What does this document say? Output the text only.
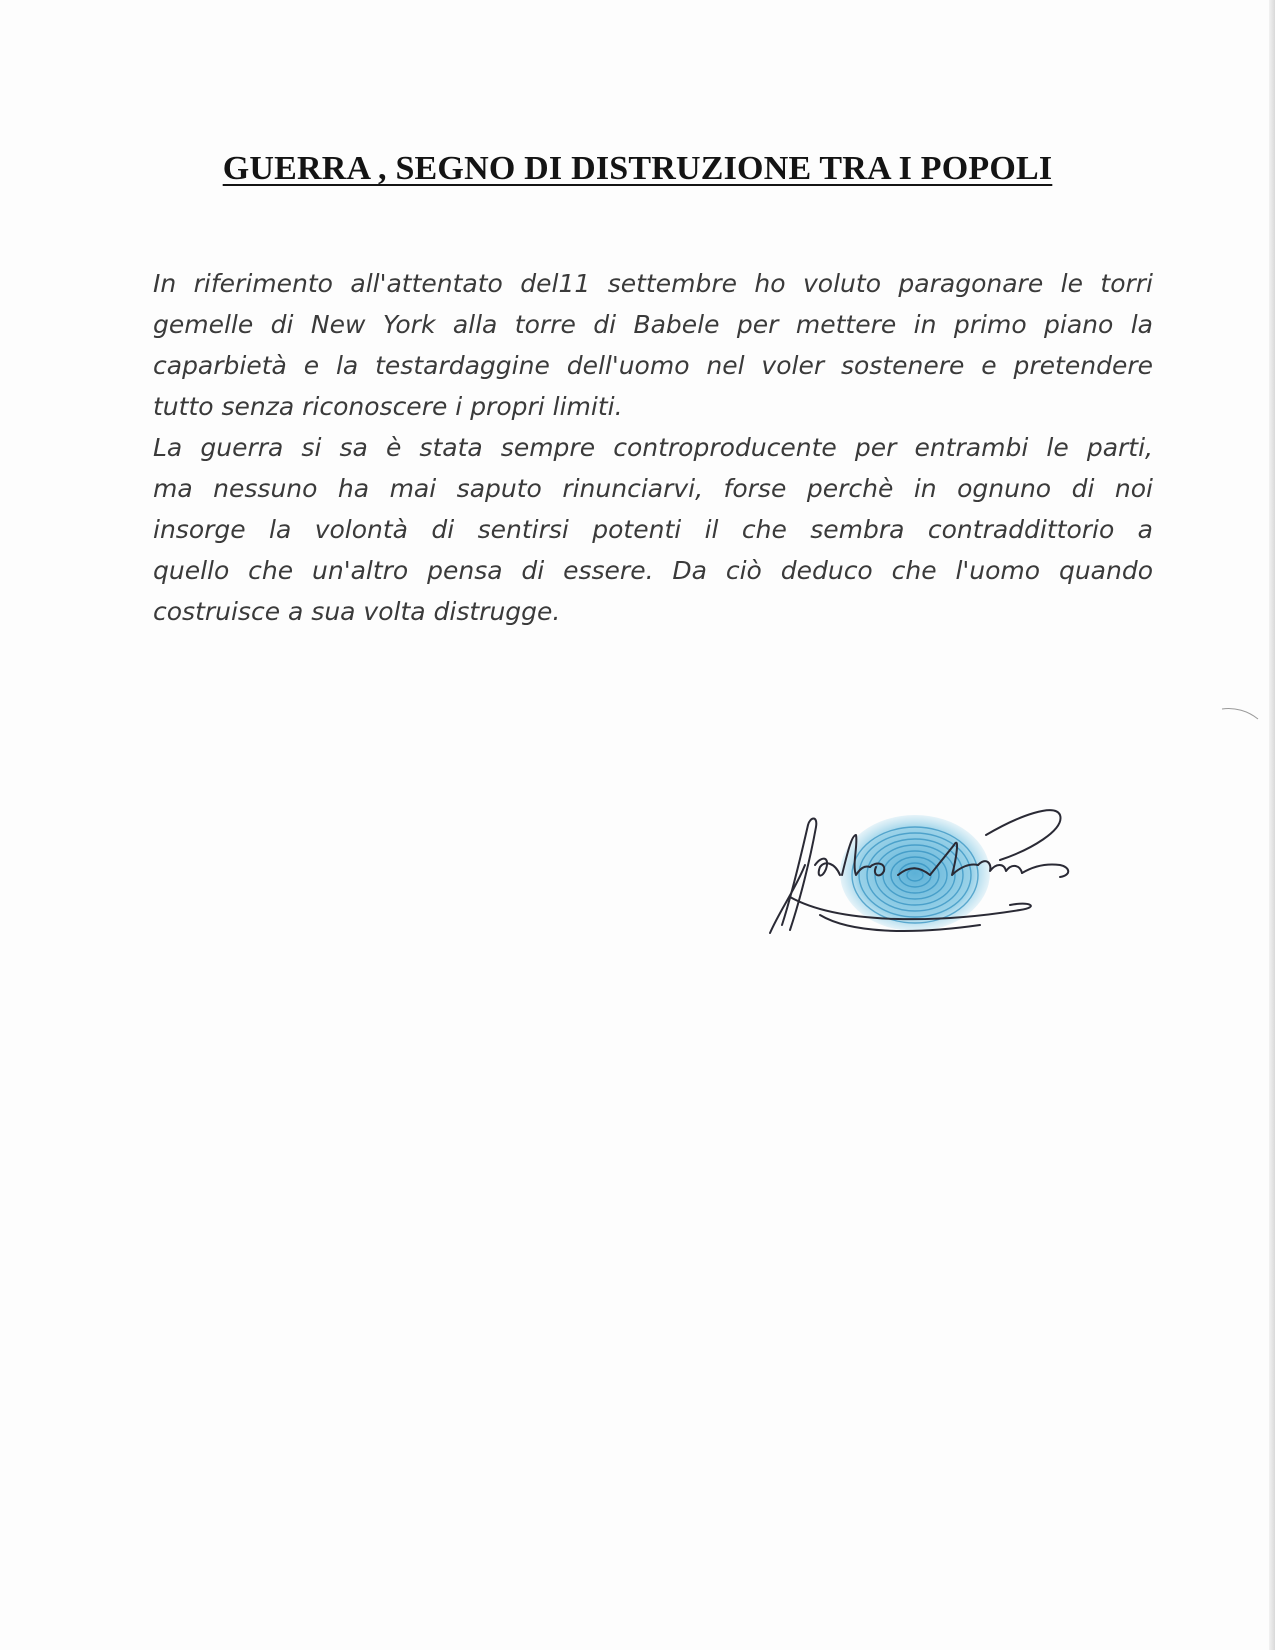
GUERRA , SEGNO DI DISTRUZIONE TRA I POPOLI
In riferimento all'attentato del11 settembre ho voluto paragonare le torri
gemelle di New York alla torre di Babele per mettere in primo piano la
caparbietà e la testardaggine dell'uomo nel voler sostenere e pretendere
tutto senza riconoscere i propri limiti.
La guerra si sa è stata sempre controproducente per entrambi le parti,
ma nessuno ha mai saputo rinunciarvi, forse perchè in ognuno di noi
insorge la volontà di sentirsi potenti il che sembra contraddittorio a
quello che un'altro pensa di essere. Da ciò deduco che l'uomo quando
costruisce a sua volta distrugge.
